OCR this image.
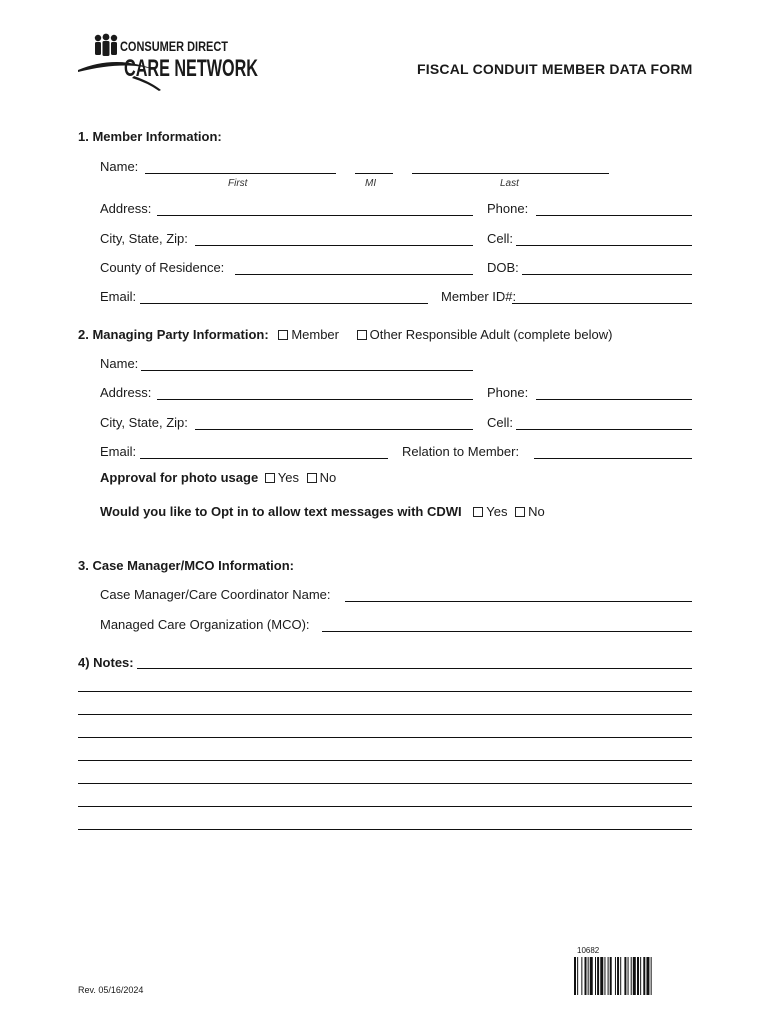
CONSUMER DIRECT
CARE NETWORK	FISCAL CONDUIT MEMBER DATA FORM
1. Member Information:
Name:
First	MI	Last
Address:	Phone:
City, State, Zip:	Cell:
County of Residence:	DOB:
Email:	Member ID#:
2. Managing Party Information: Member Other Responsible Adult (complete below)
Name:
Address:	Phone:
City, State, Zip:	Cell:
Email:	Relation to Member:
Approval for photo usage Yes No
Would you like to Opt in to allow text messages with CDWI Yes No
3. Case Manager/MCO Information:
Case Manager/Care Coordinator Name:
Managed Care Organization (MCO):
4) Notes:
Rev. 05/16/2024
10682
